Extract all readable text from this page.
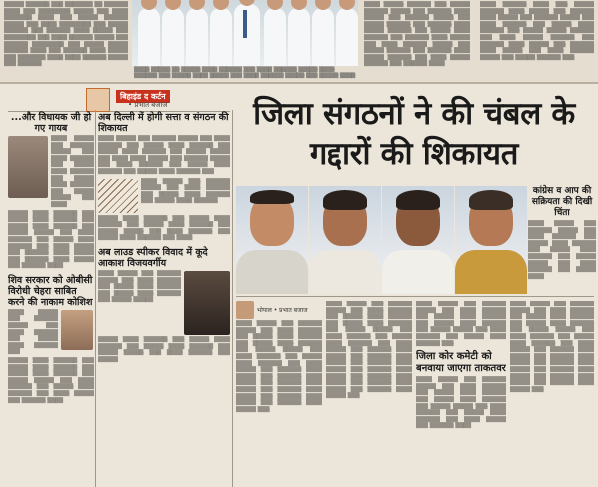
▒▒▒▒▒ ▒▒▒▒▒▒ ▒▒▒ ▒▒▒▒▒▒▒ ▒▒ ▒▒▒▒▒▒ ▒▒▒▒ ▒▒▒ ▒▒▒▒▒▒▒▒ ▒▒▒▒▒ ▒▒▒ ▒▒▒▒ ▒▒▒▒▒▒▒ ▒▒▒▒ ▒▒▒ ▒▒▒▒▒ ▒▒▒▒▒▒ ▒▒▒▒▒ ▒▒▒ ▒▒▒▒ ▒▒▒▒▒▒▒▒ ▒▒▒ ▒▒▒▒▒ ▒▒▒▒▒▒ ▒▒▒ ▒▒▒▒▒▒ ▒▒▒▒ ▒▒▒▒▒ ▒▒▒ ▒▒▒▒▒▒▒▒ ▒▒▒ ▒▒▒▒ ▒▒▒▒▒▒ ▒▒▒▒▒ ▒▒▒ ▒▒▒▒▒▒ ▒▒▒▒▒▒▒▒ ▒▒▒ ▒▒▒▒▒ ▒▒▒▒▒ ▒▒▒▒▒▒ ▒▒▒▒ ▒▒▒ ▒▒▒▒▒▒ ▒▒▒▒ ▒▒▒▒▒ ▒▒▒ ▒▒▒▒▒▒▒ ▒▒▒▒ ▒▒▒▒ ▒▒▒▒▒▒ ▒▒▒▒▒ ▒▒▒ ▒▒▒▒▒▒
▒▒▒▒ ▒▒▒▒▒ ▒▒ ▒▒▒▒▒ ▒▒▒▒ ▒▒▒▒▒▒ ▒▒▒ ▒▒▒▒ ▒▒▒▒▒▒ ▒▒▒▒▒ ▒▒▒▒ ▒▒▒▒▒▒ ▒▒▒ ▒▒▒▒▒ ▒▒▒▒ ▒▒▒▒▒ ▒▒▒ ▒▒▒▒ ▒▒▒▒▒▒ ▒▒▒▒▒ ▒▒▒ ▒▒▒▒▒ ▒▒▒▒
▒▒▒▒ ▒▒▒▒▒ ▒▒▒▒▒▒ ▒▒▒ ▒▒▒▒▒ ▒▒▒▒▒▒ ▒▒▒▒▒ ▒▒▒ ▒▒▒▒▒▒ ▒▒▒▒ ▒▒▒▒▒ ▒▒▒ ▒▒▒▒▒▒ ▒▒▒▒▒ ▒▒▒ ▒▒▒▒▒ ▒▒▒▒▒▒ ▒▒▒ ▒▒▒▒▒▒ ▒▒▒▒ ▒▒▒▒▒ ▒▒▒▒▒▒ ▒▒▒ ▒▒▒▒▒ ▒▒▒▒ ▒▒▒▒▒▒ ▒▒▒ ▒▒▒▒▒▒ ▒▒▒▒ ▒▒▒▒▒ ▒▒▒ ▒▒▒▒ ▒▒▒▒▒▒ ▒▒▒▒▒ ▒▒▒ ▒▒▒▒▒ ▒▒▒▒▒▒ ▒▒▒ ▒▒▒▒▒▒ ▒▒▒▒ ▒▒▒▒▒ ▒▒▒▒▒▒ ▒▒▒ ▒▒▒▒ ▒▒▒▒▒ ▒▒▒▒▒▒ ▒▒▒ ▒▒▒▒▒▒ ▒▒▒▒
▒▒▒▒ ▒▒▒▒▒▒ ▒▒▒▒ ▒▒▒ ▒▒▒▒▒ ▒▒▒▒▒▒ ▒▒▒▒ ▒▒▒▒▒ ▒▒▒ ▒▒▒▒▒▒ ▒▒▒▒ ▒▒▒▒▒ ▒▒▒ ▒▒▒▒▒▒ ▒▒▒▒▒ ▒▒▒ ▒▒▒▒ ▒▒▒▒▒▒ ▒▒▒ ▒▒▒▒▒ ▒▒▒▒ ▒▒▒▒▒▒ ▒▒▒ ▒▒▒▒▒ ▒▒▒▒▒ ▒▒▒▒▒▒ ▒▒▒ ▒▒▒▒ ▒▒▒▒▒ ▒▒▒▒▒▒ ▒▒▒ ▒▒▒▒▒▒ ▒▒▒▒ ▒▒▒▒▒ ▒▒▒ ▒▒▒▒▒▒ ▒▒▒▒ ▒▒▒▒▒ ▒▒▒ ▒▒▒▒ ▒▒▒▒▒▒ ▒▒▒▒▒ ▒▒▒ ▒▒▒▒▒ ▒▒▒▒▒▒ ▒▒▒
बिहाइंड द कर्टन
• प्रभात बजाज
...और विधायक जी हो गए गायब
▒▒▒▒ ▒▒▒▒▒ ▒▒▒ ▒▒▒▒▒▒ ▒▒▒▒▒ ▒▒▒ ▒▒▒▒ ▒▒▒▒▒▒ ▒▒▒ ▒▒▒▒▒ ▒▒▒▒ ▒▒▒▒▒▒ ▒▒▒ ▒▒▒▒▒ ▒▒▒▒ ▒▒▒▒▒▒ ▒▒▒ ▒▒▒▒▒ ▒▒▒▒▒ ▒▒▒ ▒▒▒▒
▒▒▒▒▒ ▒▒▒▒ ▒▒▒▒▒▒ ▒▒▒ ▒▒▒▒▒ ▒▒▒▒ ▒▒▒▒▒▒ ▒▒▒ ▒▒▒▒▒ ▒▒▒▒ ▒▒▒▒▒▒ ▒▒▒ ▒▒▒▒▒ ▒▒▒▒▒ ▒▒▒ ▒▒▒▒ ▒▒▒▒▒▒ ▒▒▒ ▒▒▒▒▒ ▒▒▒▒ ▒▒▒▒▒▒ ▒▒▒ ▒▒▒▒ ▒▒▒▒▒ ▒▒▒ ▒▒▒▒▒▒ ▒▒▒▒ ▒▒▒▒▒ ▒▒▒ ▒▒▒▒▒▒ ▒▒▒▒ ▒▒▒▒▒ ▒▒▒ ▒▒▒▒▒▒ ▒▒▒▒
शिव सरकार को ओबीसी विरोधी चेहरा साबित करने की नाकाम कोशिश
▒▒▒▒ ▒▒▒▒▒ ▒▒▒ ▒▒▒▒▒▒ ▒▒▒▒▒ ▒▒▒ ▒▒▒▒ ▒▒▒▒▒▒ ▒▒▒ ▒▒▒▒▒ ▒▒▒▒ ▒▒▒▒▒▒ ▒▒▒
▒▒▒▒▒ ▒▒▒▒ ▒▒▒▒▒▒ ▒▒▒ ▒▒▒▒▒ ▒▒▒▒ ▒▒▒▒▒▒ ▒▒▒ ▒▒▒▒▒ ▒▒▒▒ ▒▒▒▒▒▒ ▒▒▒ ▒▒▒▒▒ ▒▒▒▒▒ ▒▒▒ ▒▒▒▒ ▒▒▒▒▒▒ ▒▒▒ ▒▒▒▒▒ ▒▒▒▒ ▒▒▒▒▒▒ ▒▒▒ ▒▒▒▒ ▒▒▒▒▒ ▒▒▒ ▒▒▒▒▒▒ ▒▒▒▒
अब दिल्ली में होगी सत्ता व संगठन की शिकायत
▒▒▒▒ ▒▒▒▒▒ ▒▒▒ ▒▒▒▒▒▒ ▒▒▒▒▒ ▒▒▒ ▒▒▒▒ ▒▒▒▒▒▒ ▒▒▒ ▒▒▒▒▒ ▒▒▒▒ ▒▒▒▒▒▒ ▒▒▒ ▒▒▒▒▒ ▒▒▒▒ ▒▒▒▒▒▒ ▒▒▒ ▒▒▒▒▒ ▒▒▒▒▒ ▒▒▒ ▒▒▒▒ ▒▒▒▒ ▒▒▒▒▒ ▒▒▒ ▒▒▒▒▒▒ ▒▒▒▒▒ ▒▒▒ ▒▒▒▒ ▒▒▒▒▒▒ ▒▒▒ ▒▒▒▒▒ ▒▒▒▒ ▒▒▒▒▒▒ ▒▒▒ ▒▒▒▒▒ ▒▒▒▒ ▒▒▒▒▒▒ ▒▒▒
▒▒▒▒ ▒▒▒▒▒ ▒▒▒ ▒▒▒▒▒▒ ▒▒▒▒▒ ▒▒▒ ▒▒▒▒ ▒▒▒▒▒▒ ▒▒▒ ▒▒▒▒▒ ▒▒▒▒ ▒▒▒▒▒▒ ▒▒▒ ▒▒▒▒▒ ▒▒▒▒ ▒▒▒▒▒▒
▒▒▒▒▒ ▒▒▒▒ ▒▒▒▒▒▒ ▒▒▒ ▒▒▒▒▒ ▒▒▒▒ ▒▒▒▒▒▒ ▒▒▒ ▒▒▒▒▒ ▒▒▒▒ ▒▒▒▒▒▒ ▒▒▒ ▒▒▒▒▒ ▒▒▒▒▒ ▒▒▒ ▒▒▒▒ ▒▒▒▒▒▒ ▒▒▒ ▒▒▒▒▒ ▒▒▒▒ ▒▒▒▒▒▒ ▒▒▒ ▒▒▒▒
अब लाउड स्पीकर विवाद में कूदे आकाश विजयवर्गीय
▒▒▒▒ ▒▒▒▒▒ ▒▒▒ ▒▒▒▒▒▒ ▒▒▒▒▒ ▒▒▒ ▒▒▒▒ ▒▒▒▒▒▒ ▒▒▒ ▒▒▒▒▒ ▒▒▒▒ ▒▒▒▒▒▒ ▒▒▒ ▒▒▒▒▒ ▒▒▒▒ ▒▒▒▒▒▒ ▒▒▒ ▒▒▒▒▒ ▒▒▒▒▒
▒▒▒▒▒ ▒▒▒▒ ▒▒▒▒▒▒ ▒▒▒ ▒▒▒▒▒ ▒▒▒▒ ▒▒▒▒▒▒ ▒▒▒ ▒▒▒▒▒ ▒▒▒▒ ▒▒▒▒▒▒ ▒▒▒ ▒▒▒▒▒ ▒▒▒▒▒ ▒▒▒ ▒▒▒▒ ▒▒▒▒▒▒ ▒▒▒ ▒▒▒▒▒
जिला संगठनों ने की चंबल के गद्दारों की शिकायत
कांग्रेस व आप की सक्रियता की दिखी चिंता
▒▒▒▒ ▒▒▒▒▒ ▒▒▒ ▒▒▒▒▒▒ ▒▒▒▒▒ ▒▒▒ ▒▒▒▒ ▒▒▒▒▒▒ ▒▒▒ ▒▒▒▒▒ ▒▒▒▒ ▒▒▒▒▒▒ ▒▒▒ ▒▒▒▒▒ ▒▒▒▒ ▒▒▒▒▒▒ ▒▒▒ ▒▒▒▒▒ ▒▒▒▒▒ ▒▒▒ ▒▒▒▒ ▒▒▒▒▒▒ ▒▒▒ ▒▒▒▒▒ ▒▒▒▒
भोपाल • प्रभात बजाज
▒▒▒▒ ▒▒▒▒▒ ▒▒▒ ▒▒▒▒▒▒ ▒▒▒▒▒ ▒▒▒ ▒▒▒▒ ▒▒▒▒▒▒ ▒▒▒ ▒▒▒▒▒ ▒▒▒▒ ▒▒▒▒▒▒ ▒▒▒ ▒▒▒▒▒ ▒▒▒▒ ▒▒▒▒▒▒ ▒▒▒ ▒▒▒▒▒ ▒▒▒▒▒ ▒▒▒ ▒▒▒▒ ▒▒▒▒▒▒ ▒▒▒ ▒▒▒▒▒ ▒▒▒▒ ▒▒▒▒▒▒ ▒▒▒ ▒▒▒▒ ▒▒▒▒▒ ▒▒▒ ▒▒▒▒▒▒ ▒▒▒▒ ▒▒▒▒▒ ▒▒▒ ▒▒▒▒▒▒ ▒▒▒▒ ▒▒▒▒▒ ▒▒▒ ▒▒▒▒▒▒ ▒▒▒▒ ▒▒▒▒▒ ▒▒▒ ▒▒▒▒▒▒ ▒▒▒▒ ▒▒▒▒▒ ▒▒▒ ▒▒▒▒▒▒ ▒▒▒▒ ▒▒▒▒▒ ▒▒▒ ▒▒▒▒▒▒ ▒▒▒▒ ▒▒▒▒▒ ▒▒▒
▒▒▒▒ ▒▒▒▒▒ ▒▒▒ ▒▒▒▒▒▒ ▒▒▒▒▒ ▒▒▒ ▒▒▒▒ ▒▒▒▒▒▒ ▒▒▒ ▒▒▒▒▒ ▒▒▒▒ ▒▒▒▒▒▒ ▒▒▒ ▒▒▒▒▒ ▒▒▒▒ ▒▒▒▒▒▒ ▒▒▒ ▒▒▒▒▒ ▒▒▒▒▒ ▒▒▒ ▒▒▒▒ ▒▒▒▒▒▒ ▒▒▒ ▒▒▒▒▒ ▒▒▒▒ ▒▒▒▒▒▒ ▒▒▒ ▒▒▒▒ ▒▒▒▒▒ ▒▒▒ ▒▒▒▒▒▒ ▒▒▒▒ ▒▒▒▒▒ ▒▒▒ ▒▒▒▒▒▒ ▒▒▒▒ ▒▒▒▒▒ ▒▒▒ ▒▒▒▒▒▒ ▒▒▒▒ ▒▒▒▒▒ ▒▒▒ ▒▒▒▒▒▒ ▒▒▒▒ ▒▒▒▒▒ ▒▒▒ ▒▒▒▒▒▒ ▒▒▒▒ ▒▒▒▒▒ ▒▒▒ ▒▒▒▒▒▒ ▒▒▒▒ ▒▒▒▒▒ ▒▒▒ ▒▒▒▒▒▒ ▒▒▒▒ ▒▒▒▒▒ ▒▒▒
▒▒▒▒ ▒▒▒▒▒ ▒▒▒ ▒▒▒▒▒▒ ▒▒▒▒▒ ▒▒▒ ▒▒▒▒ ▒▒▒▒▒▒ ▒▒▒ ▒▒▒▒▒ ▒▒▒▒ ▒▒▒▒▒▒ ▒▒▒ ▒▒▒▒▒ ▒▒▒▒ ▒▒▒▒▒▒ ▒▒▒ ▒▒▒▒▒ ▒▒▒▒▒ ▒▒▒ ▒▒▒▒ ▒▒▒▒▒▒ ▒▒▒ ▒▒▒▒▒ ▒▒▒▒ ▒▒▒▒▒▒ ▒▒▒
जिला कोर कमेटी को बनवाया जाएगा ताकतवर
▒▒▒▒ ▒▒▒▒▒ ▒▒▒ ▒▒▒▒▒▒ ▒▒▒▒▒ ▒▒▒ ▒▒▒▒ ▒▒▒▒▒▒ ▒▒▒ ▒▒▒▒▒ ▒▒▒▒ ▒▒▒▒▒▒ ▒▒▒ ▒▒▒▒▒ ▒▒▒▒ ▒▒▒▒▒▒ ▒▒▒ ▒▒▒▒▒ ▒▒▒▒▒ ▒▒▒ ▒▒▒▒ ▒▒▒▒▒▒ ▒▒▒ ▒▒▒▒▒ ▒▒▒▒ ▒▒▒▒▒▒ ▒▒▒ ▒▒▒▒ ▒▒▒▒▒ ▒▒▒ ▒▒▒▒▒▒ ▒▒▒▒
▒▒▒▒ ▒▒▒▒▒ ▒▒▒ ▒▒▒▒▒▒ ▒▒▒▒▒ ▒▒▒ ▒▒▒▒ ▒▒▒▒▒▒ ▒▒▒ ▒▒▒▒▒ ▒▒▒▒ ▒▒▒▒▒▒ ▒▒▒ ▒▒▒▒▒ ▒▒▒▒ ▒▒▒▒▒▒ ▒▒▒ ▒▒▒▒▒ ▒▒▒▒▒ ▒▒▒ ▒▒▒▒ ▒▒▒▒▒▒ ▒▒▒ ▒▒▒▒▒ ▒▒▒▒ ▒▒▒▒▒▒ ▒▒▒ ▒▒▒▒ ▒▒▒▒▒ ▒▒▒ ▒▒▒▒▒▒ ▒▒▒▒ ▒▒▒▒▒ ▒▒▒ ▒▒▒▒▒▒ ▒▒▒▒ ▒▒▒▒▒ ▒▒▒ ▒▒▒▒▒▒ ▒▒▒▒ ▒▒▒▒▒ ▒▒▒ ▒▒▒▒▒▒ ▒▒▒▒ ▒▒▒▒▒ ▒▒▒ ▒▒▒▒▒▒ ▒▒▒▒ ▒▒▒▒▒ ▒▒▒ ▒▒▒▒▒▒ ▒▒▒▒ ▒▒▒▒▒ ▒▒▒
